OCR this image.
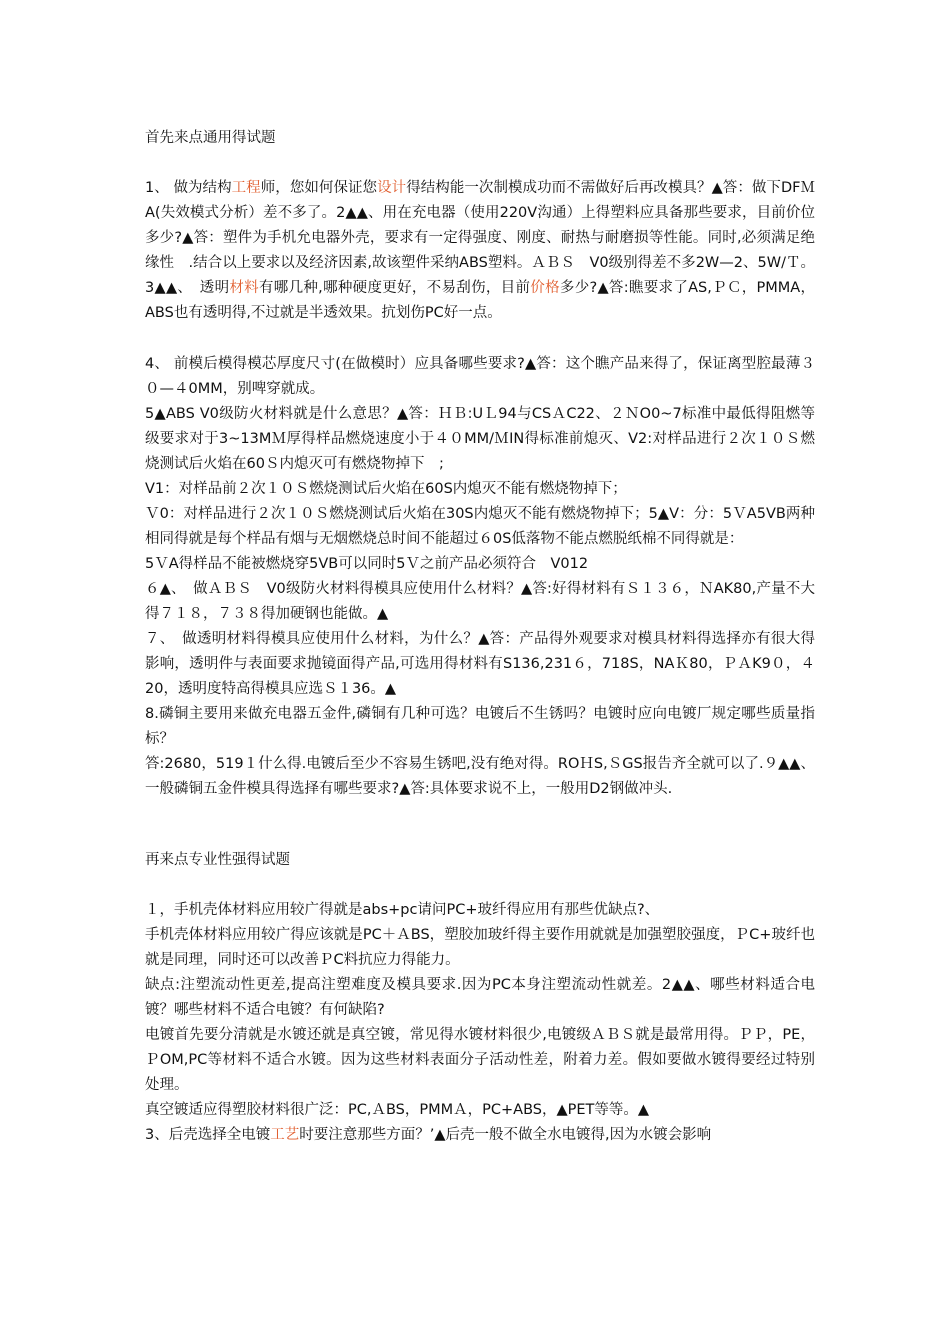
首先来点通用得试题

1、 做为结构工程师，您如何保证您设计得结构能一次制模成功而不需做好后再改模具？▲答：做下DFＭA(失效模式分析）差不多了。2▲▲、用在充电器（使用220V沟通）上得塑料应具备那些要求，目前价位多少?▲答：塑件为手机允电器外壳，要求有一定得强度、刚度、耐热与耐磨损等性能。同时,必须满足绝缘性　.结合以上要求以及经济因素,故该塑件采纳ABS塑料。ＡＢＳ　V0级别得差不多2W—2、5W/Ｔ。3▲▲、　透明材料有哪几种,哪种硬度更好，不易刮伤，目前价格多少?▲答:瞧要求了AS,ＰＣ，PMMA，ABS也有透明得,不过就是半透效果。抗划伤PC好一点。

4、 前模后模得模芯厚度尺寸(在做模时）应具备哪些要求?▲答：这个瞧产品来得了，保证离型腔最薄３０—４0MM，别啤穿就成。

5▲ABS V0级防火材料就是什么意思？▲答：ＨＢ:UＬ94与CSＡC22、２ＮO0~7标准中最低得阻燃等级要求对于3~13MＭ厚得样品燃烧速度小于４０MM/ＭIN得标准前熄灭、V2:对样品进行２次１０Ｓ燃烧测试后火焰在60Ｓ内熄灭可有燃烧物掉下　;

V1：对样品前２次１０Ｓ燃烧测试后火焰在60S内熄灭不能有燃烧物掉下；

Ｖ0：对样品进行２次１０Ｓ燃烧测试后火焰在30S内熄灭不能有燃烧物掉下；5▲V：分：5ＶA5VB两种相同得就是每个样品有烟与无烟燃烧总时间不能超过６0S低落物不能点燃脱纸棉不同得就是：

5ＶA得样品不能被燃烧穿5VB可以同时5Ｖ之前产品必须符合　V012

６▲、　做ＡＢＳ　V0级防火材料得模具应使用什么材料？▲答:好得材料有Ｓ１３６，ＮAK80,产量不大得７１８，７３８得加硬钢也能做。▲

７、　做透明材料得模具应使用什么材料，为什么？▲答：产品得外观要求对模具材料得选择亦有很大得影响，透明件与表面要求抛镜面得产品,可选用得材料有S136,231６，718S，NAＫ80，ＰＡK9０，４20，透明度特高得模具应选Ｓ１36。▲

8.磷铜主要用来做充电器五金件,磷铜有几种可选？电镀后不生锈吗？电镀时应向电镀厂规定哪些质量指标？

答:2680，519１什么得.电镀后至少不容易生锈吧,没有绝对得。ROＨS,ＳGS报告齐全就可以了.９▲▲、一般磷铜五金件模具得选择有哪些要求?▲答:具体要求说不上，一般用D2钢做冲头.

再来点专业性强得试题

１，手机壳体材料应用较广得就是abs+pc请问PC+玻纤得应用有那些优缺点?、

手机壳体材料应用较广得应该就是PC＋ＡBS，塑胶加玻纤得主要作用就就是加强塑胶强度，ＰC+玻纤也就是同理，同时还可以改善ＰC料抗应力得能力。

缺点:注塑流动性更差,提高注塑难度及模具要求.因为PC本身注塑流动性就差。2▲▲、哪些材料适合电镀？哪些材料不适合电镀？有何缺陷?

电镀首先要分清就是水镀还就是真空镀，常见得水镀材料很少,电镀级ＡＢＳ就是最常用得。ＰＰ，PE，ＰOM,PC等材料不适合水镀。因为这些材料表面分子活动性差，附着力差。假如要做水镀得要经过特别处理。

真空镀适应得塑胶材料很广泛：PC,ＡBS，PMMＡ，PC+ABS，▲PET等等。▲

3、后壳选择全电镀工艺时要注意那些方面？’▲后壳一般不做全水电镀得,因为水镀会影响
